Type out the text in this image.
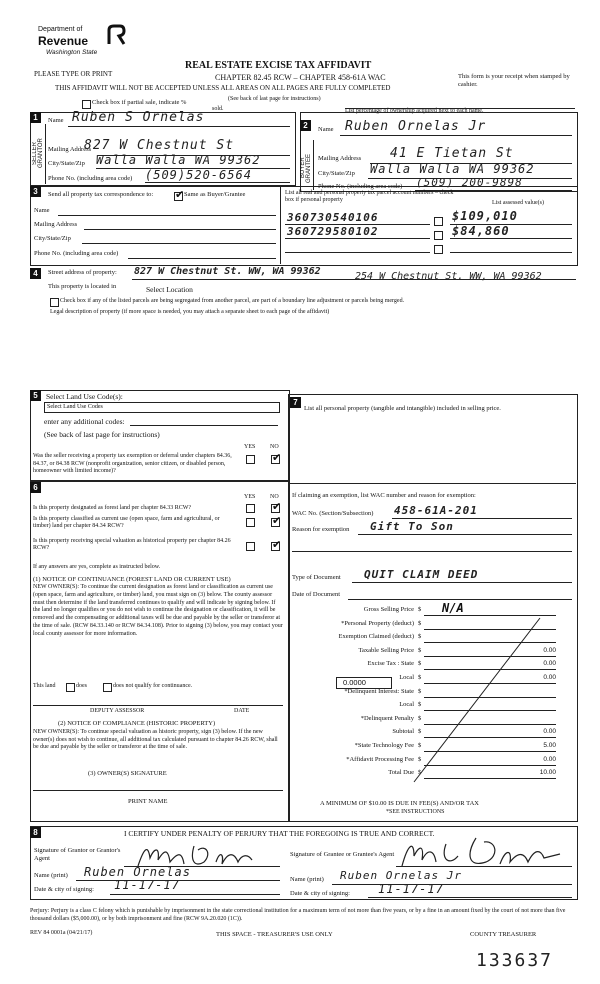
Department of
Revenue
Washington State
PLEASE TYPE OR PRINT
REAL ESTATE EXCISE TAX AFFIDAVIT
CHAPTER 82.45 RCW – CHAPTER 458-61A WAC
THIS AFFIDAVIT WILL NOT BE ACCEPTED UNLESS ALL AREAS ON ALL PAGES ARE FULLY COMPLETED
This form is your receipt when stamped by cashier.
Check box if partial sale, indicate %
sold.
(See back of last page for instructions)
List percentage of ownership acquired next to each name.
1
SELLER GRANTOR
Name Ruben S Ornelas
Mailing Address
827 W Chestnut St
City/State/Zip Walla Walla WA 99362
Phone No. (including area code) (509)520-6564
2
BUYER GRANTEE
Name Ruben Ornelas Jr
Mailing Address 41 E Tietan St
City/State/Zip Walla Walla WA 99362
Phone No. (including area code) (509) 200-9898
3	Send all property tax correspondence to:
✔	Same as Buyer/Grantee
Name
Mailing Address
City/State/Zip
Phone No. (including area code)
List all real and personal property tax parcel account numbers – check box if personal property	List assessed value(s)
360730540106
360729580102
$109,010
$84,860
4	Street address of property: 827 W Chestnut St. WW, WA 99362	254 W Chestnut St. WW, WA 99362
This property is located in	Select Location
Check box if any of the listed parcels are being segregated from another parcel, are part of a boundary line adjustment or parcels being merged.
Legal description of property (if more space is needed, you may attach a separate sheet to each page of the affidavit)
5	Select Land Use Code(s):
Select Land Use Codes
enter any additional codes:
(See back of last page for instructions)
YES NO
Was the seller receiving a property tax exemption or deferral under chapters 84.36, 84.37, or 84.38 RCW (nonprofit organization, senior citizen, or disabled person, homeowner with limited income)?
✔
6
YES NO
Is this property designated as forest land per chapter 84.33 RCW?
✔
Is this property classified as current use (open space, farm and agricultural, or timber) land per chapter 84.34 RCW?
✔
Is this property receiving special valuation as historical property per chapter 84.26 RCW?
✔
If any answers are yes, complete as instructed below.
(1) NOTICE OF CONTINUANCE (FOREST LAND OR CURRENT USE)
NEW OWNER(S): To continue the current designation as forest land or classification as current use (open space, farm and agriculture, or timber) land, you must sign on (3) below. The county assessor must then determine if the land transferred continues to qualify and will indicate by signing below. If the land no longer qualifies or you do not wish to continue the designation or classification, it will be removed and the compensating or additional taxes will be due and payable by the seller or transferor at the time of sale. (RCW 84.33.140 or RCW 84.34.108). Prior to signing (3) below, you may contact your local county assessor for more information.
This land	does	does not qualify for continuance.
DEPUTY ASSESSOR	DATE
(2) NOTICE OF COMPLIANCE (HISTORIC PROPERTY)
NEW OWNER(S): To continue special valuation as historic property, sign (3) below. If the new owner(s) does not wish to continue, all additional tax calculated pursuant to chapter 84.26 RCW, shall be due and payable by the seller or transferor at the time of sale.
(3) OWNER(S) SIGNATURE
PRINT NAME
7
List all personal property (tangible and intangible) included in selling price.
If claiming an exemption, list WAC number and reason for exemption:
WAC No. (Section/Subsection) 458-61A-201
Reason for exemption Gift To Son
Type of Document QUIT CLAIM DEED
Date of Document
Gross Selling Price $ N/A
*Personal Property (deduct) $
Exemption Claimed (deduct) $
Taxable Selling Price $	0.00
Excise Tax : State $	0.00
Local $	0.00
*Delinquent Interest: State $
Local $
*Delinquent Penalty $
Subtotal $	0.00
*State Technology Fee $	5.00
*Affidavit Processing Fee $	0.00
Total Due $	10.00
0.0000
A MINIMUM OF $10.00 IS DUE IN FEE(S) AND/OR TAX
*SEE INSTRUCTIONS
8	I CERTIFY UNDER PENALTY OF PERJURY THAT THE FOREGOING IS TRUE AND CORRECT.
Signature of Grantor or Grantor's Agent
Name (print) Ruben Ornelas
Date & city of signing: 11-17-17
Signature of Grantee or Grantee's Agent
Name (print) Ruben Ornelas Jr
Date & city of signing: 11-17-17
Perjury: Perjury is a class C felony which is punishable by imprisonment in the state correctional institution for a maximum term of not more than five years, or by a fine in an amount fixed by the court of not more than five thousand dollars ($5,000.00), or by both imprisonment and fine (RCW 9A.20.020 (1C)).
REV 84 0001a (04/21/17)	THIS SPACE - TREASURER'S USE ONLY	COUNTY TREASURER
133637
